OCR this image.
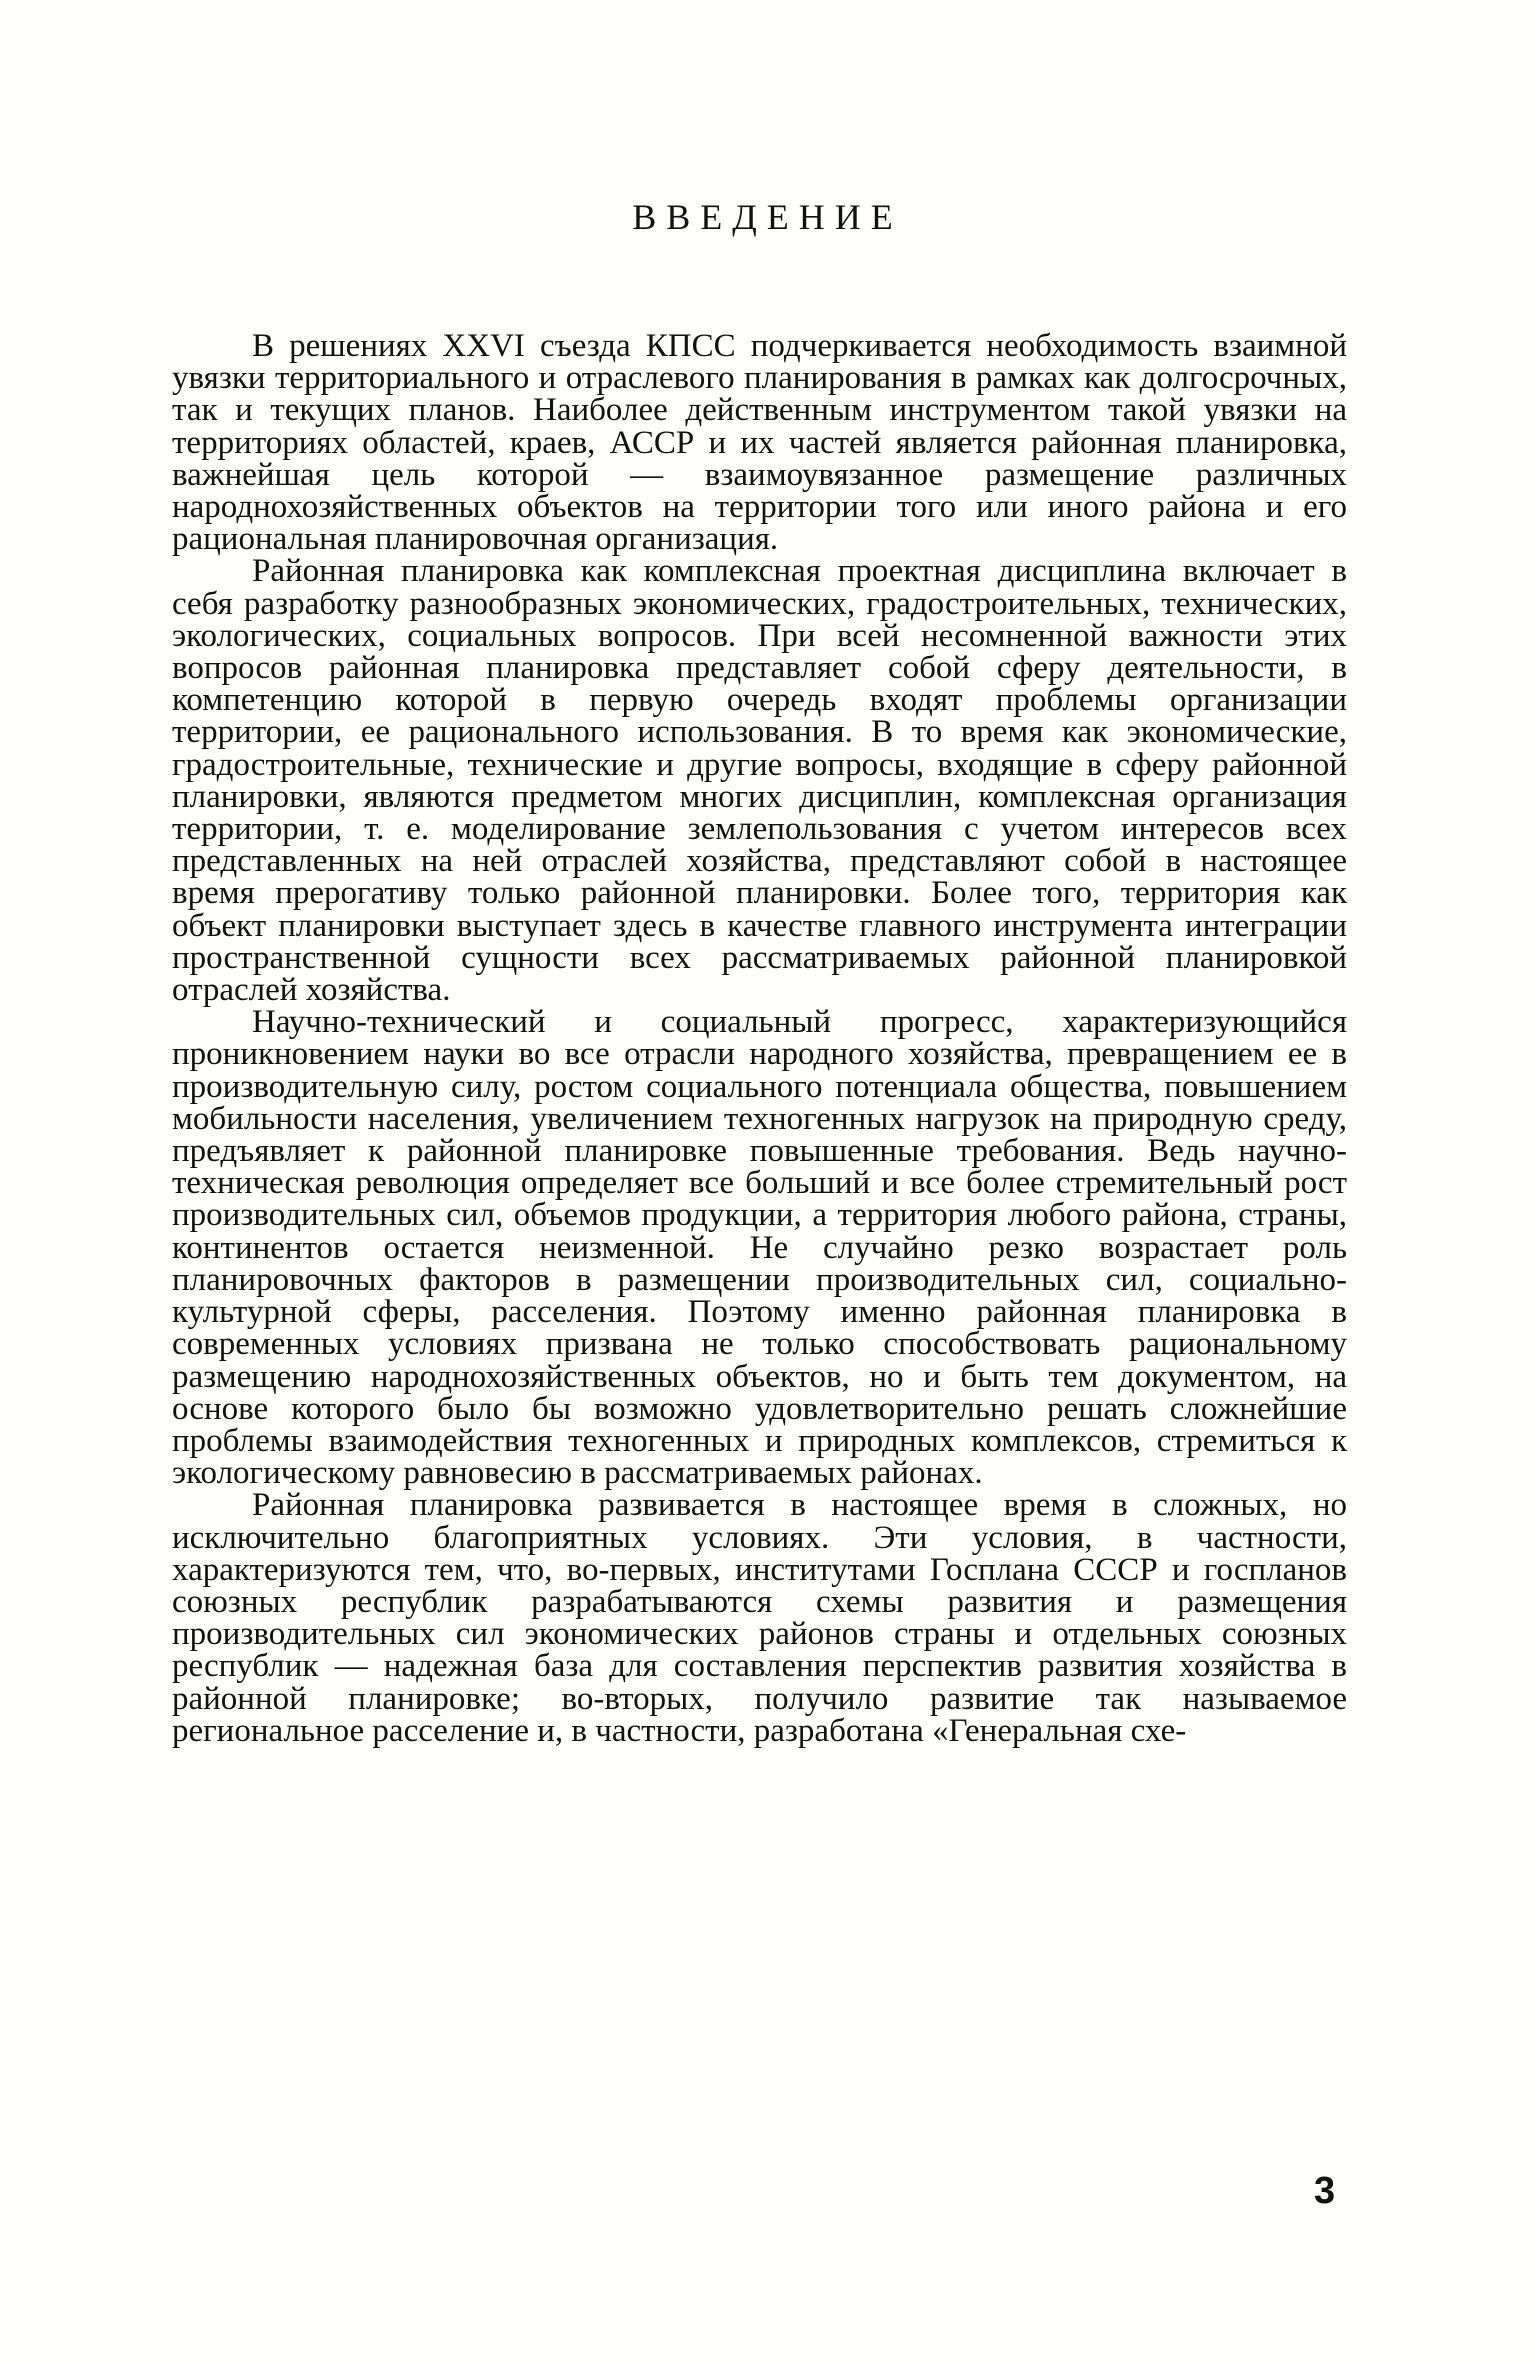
ВВЕДЕНИЕ

В решениях XXVI съезда КПСС подчеркивается необходимость взаимной увязки территориального и отраслевого планирования в рамках как долгосрочных, так и текущих планов. Наиболее действенным инструментом такой увязки на территориях областей, краев, АССР и их частей является районная планировка, важнейшая цель которой — взаимоувязанное размещение различных народнохозяйственных объектов на территории того или иного района и его рациональная планировочная организация.

Районная планировка как комплексная проектная дисциплина включает в себя разработку разнообразных экономических, градостроительных, технических, экологических, социальных вопросов. При всей несомненной важности этих вопросов районная планировка представляет собой сферу деятельности, в компетенцию которой в первую очередь входят проблемы организации территории, ее рационального использования. В то время как экономические, градостроительные, технические и другие вопросы, входящие в сферу районной планировки, являются предметом многих дисциплин, комплексная организация территории, т. е. моделирование землепользования с учетом интересов всех представленных на ней отраслей хозяйства, представляют собой в настоящее время прерогативу только районной планировки. Более того, территория как объект планировки выступает здесь в качестве главного инструмента интеграции пространственной сущности всех рассматриваемых районной планировкой отраслей хозяйства.

Научно-технический и социальный прогресс, характеризующийся проникновением науки во все отрасли народного хозяйства, превращением ее в производительную силу, ростом социального потенциала общества, повышением мобильности населения, увеличением техногенных нагрузок на природную среду, предъявляет к районной планировке повышенные требования. Ведь научно-техническая революция определяет все больший и все более стремительный рост производительных сил, объемов продукции, а территория любого района, страны, континентов остается неизменной. Не случайно резко возрастает роль планировочных факторов в размещении производительных сил, социально-культурной сферы, расселения. Поэтому именно районная планировка в современных условиях призвана не только способствовать рациональному размещению народнохозяйственных объектов, но и быть тем документом, на основе которого было бы возможно удовлетворительно решать сложнейшие проблемы взаимодействия техногенных и природных комплексов, стремиться к экологическому равновесию в рассматриваемых районах.

Районная планировка развивается в настоящее время в сложных, но исключительно благоприятных условиях. Эти условия, в частности, характеризуются тем, что, во-первых, институтами Госплана СССР и госпланов союзных республик разрабатываются схемы развития и размещения производительных сил экономических районов страны и отдельных союзных республик — надежная база для составления перспектив развития хозяйства в районной планировке; во-вторых, получило развитие так называемое региональное расселение и, в частности, разработана «Генеральная схе-

3
